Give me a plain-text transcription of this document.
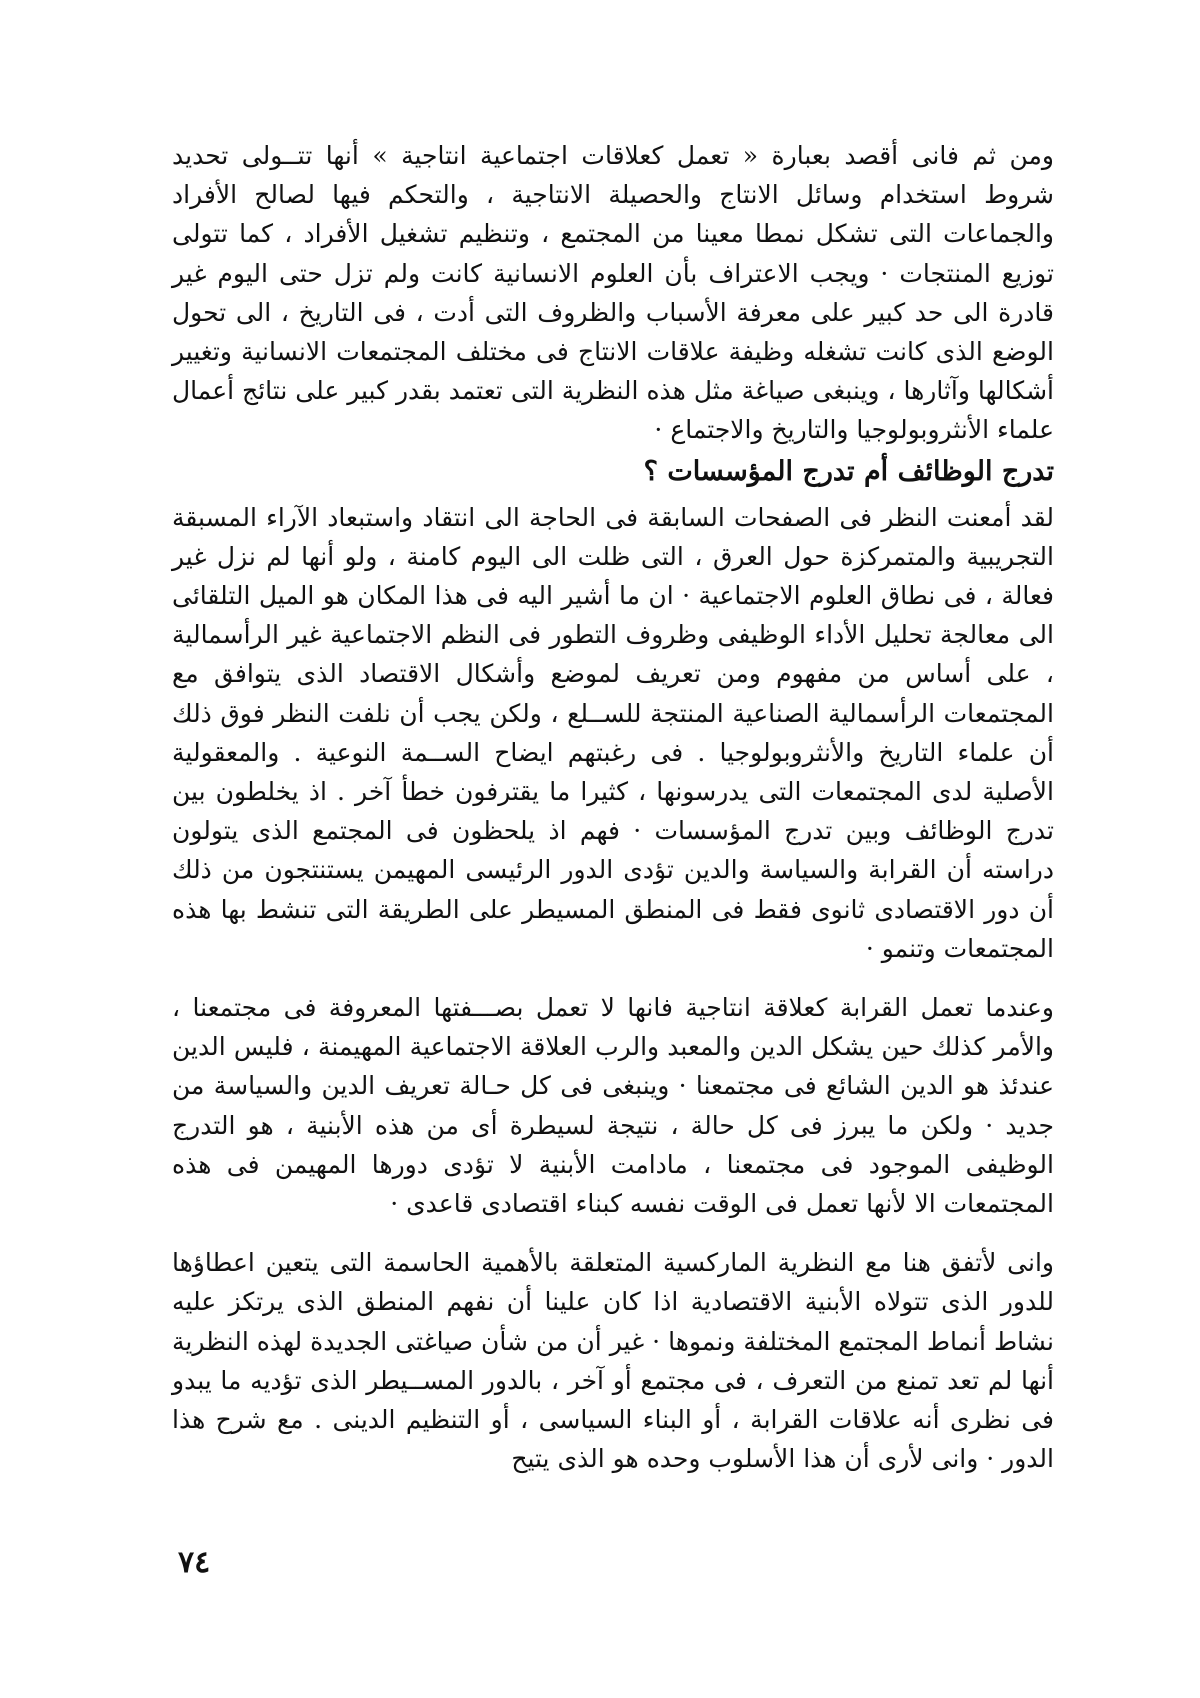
ومن ثم فانى أقصد بعبارة « تعمل كعلاقات اجتماعية انتاجية » أنها تتــولى تحديد شروط استخدام وسائل الانتاج والحصيلة الانتاجية ، والتحكم فيها لصالح الأفراد والجماعات التى تشكل نمطا معينا من المجتمع ، وتنظيم تشغيل الأفراد ، كما تتولى توزيع المنتجات · ويجب الاعتراف بأن العلوم الانسانية كانت ولم تزل حتى اليوم غير قادرة الى حد كبير على معرفة الأسباب والظروف التى أدت ، فى التاريخ ، الى تحول الوضع الذى كانت تشغله وظيفة علاقات الانتاج فى مختلف المجتمعات الانسانية وتغيير أشكالها وآثارها ، وينبغى صياغة مثل هذه النظرية التى تعتمد بقدر كبير على نتائج أعمال علماء الأنثروبولوجيا والتاريخ والاجتماع ·

تدرج الوظائف أم تدرج المؤسسات ؟

لقد أمعنت النظر فى الصفحات السابقة فى الحاجة الى انتقاد واستبعاد الآراء المسبقة التجريبية والمتمركزة حول العرق ، التى ظلت الى اليوم كامنة ، ولو أنها لم نزل غير فعالة ، فى نطاق العلوم الاجتماعية · ان ما أشير اليه فى هذا المكان هو الميل التلقائى الى معالجة تحليل الأداء الوظيفى وظروف التطور فى النظم الاجتماعية غير الرأسمالية ، على أساس من مفهوم ومن تعريف لموضع وأشكال الاقتصاد الذى يتوافق مع المجتمعات الرأسمالية الصناعية المنتجة للســلع ، ولكن يجب أن نلفت النظر فوق ذلك أن علماء التاريخ والأنثروبولوجيا . فى رغبتهم ايضاح الســمة النوعية . والمعقولية الأصلية لدى المجتمعات التى يدرسونها ، كثيرا ما يقترفون خطأ آخر . اذ يخلطون بين تدرج الوظائف وبين تدرج المؤسسات · فهم اذ يلحظون فى المجتمع الذى يتولون دراسته أن القرابة والسياسة والدين تؤدى الدور الرئيسى المهيمن يستنتجون من ذلك أن دور الاقتصادى ثانوى فقط فى المنطق المسيطر على الطريقة التى تنشط بها هذه المجتمعات وتنمو ·

وعندما تعمل القرابة كعلاقة انتاجية فانها لا تعمل بصـــفتها المعروفة فى مجتمعنا ، والأمر كذلك حين يشكل الدين والمعبد والرب العلاقة الاجتماعية المهيمنة ، فليس الدين عندئذ هو الدين الشائع فى مجتمعنا · وينبغى فى كل حـالة تعريف الدين والسياسة من جديد · ولكن ما يبرز فى كل حالة ، نتيجة لسيطرة أى من هذه الأبنية ، هو التدرج الوظيفى الموجود فى مجتمعنا ، مادامت الأبنية لا تؤدى دورها المهيمن فى هذه المجتمعات الا لأنها تعمل فى الوقت نفسه كبناء اقتصادى قاعدى ·

وانى لأتفق هنا مع النظرية الماركسية المتعلقة بالأهمية الحاسمة التى يتعين اعطاؤها للدور الذى تتولاه الأبنية الاقتصادية اذا كان علينا أن نفهم المنطق الذى يرتكز عليه نشاط أنماط المجتمع المختلفة ونموها · غير أن من شأن صياغتى الجديدة لهذه النظرية أنها لم تعد تمنع من التعرف ، فى مجتمع أو آخر ، بالدور المســيطر الذى تؤديه ما يبدو فى نظرى أنه علاقات القرابة ، أو البناء السياسى ، أو التنظيم الدينى . مع شرح هذا الدور · وانى لأرى أن هذا الأسلوب وحده هو الذى يتيح

٧٤
